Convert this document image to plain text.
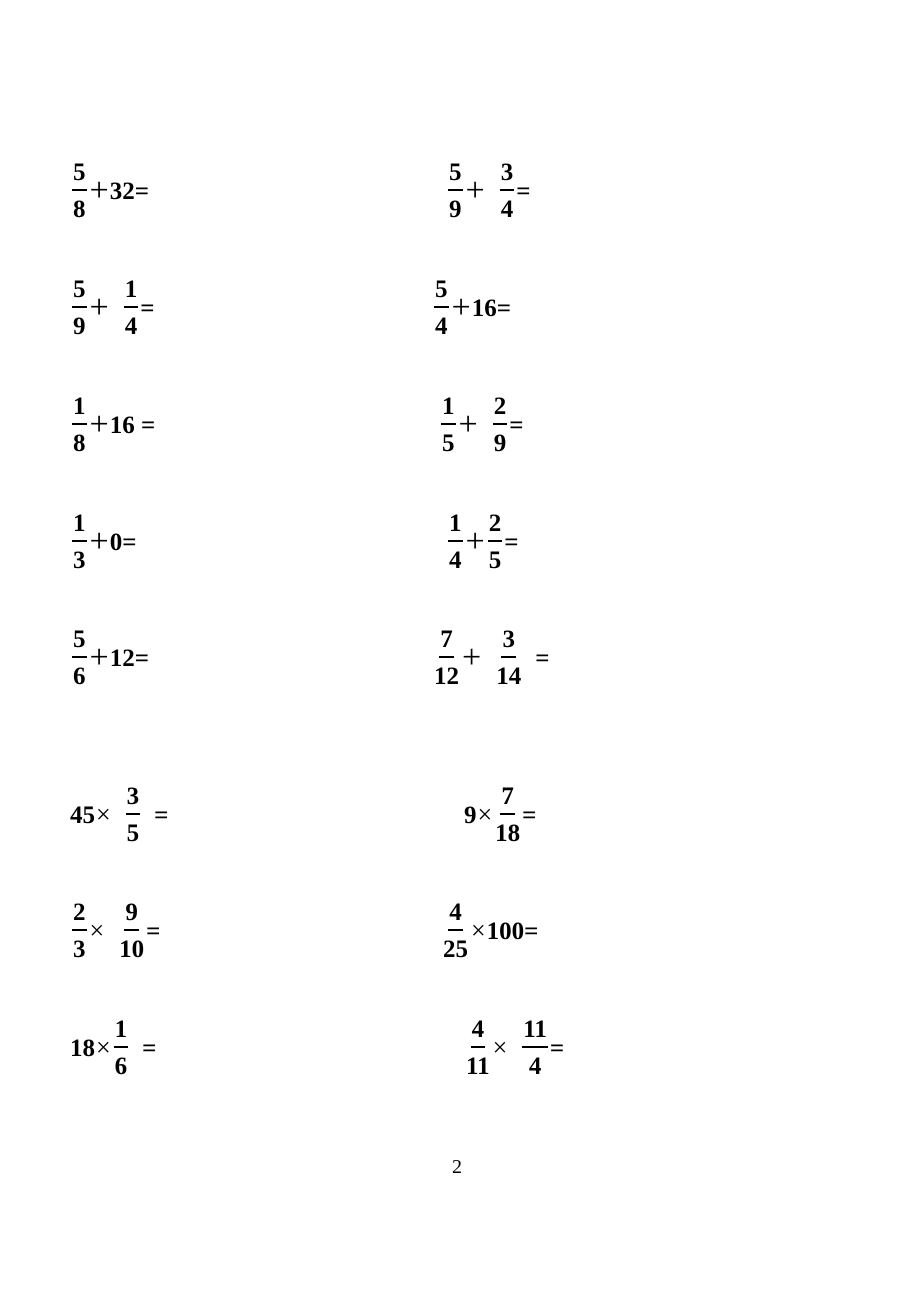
$\frac{5}{8} + 32=$	$\frac{5}{9} + \frac{3}{4}$ =
$\frac{5}{9} + \frac{1}{4}$ =	$\frac{5}{4} + 16=$
$\frac{1}{8} + 16$ =	$\frac{1}{5} + \frac{2}{9}$ =
$\frac{1}{3} + 0=$	$\frac{1}{4} + \frac{2}{5}$ =
$\frac{5}{6} + 12=$	$\frac{7}{12} + \frac{3}{14}$ =
$45 \times \frac{3}{5}$ =	$9 \times \frac{7}{18}$ =
$\frac{2}{3} \times \frac{9}{10}$ =	$\frac{4}{25} \times 100=$
$18 \times \frac{1}{6}$ =	$\frac{4}{11} \times \frac{11}{4}$ =
2
